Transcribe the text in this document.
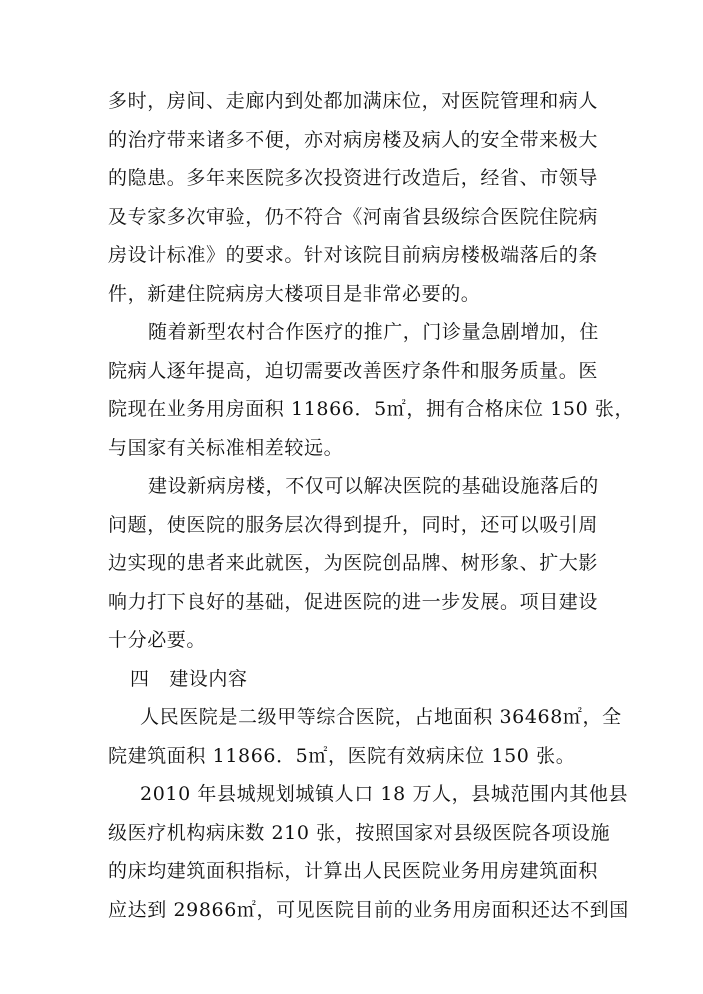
多时，房间、走廊内到处都加满床位，对医院管理和病人
的治疗带来诸多不便，亦对病房楼及病人的安全带来极大
的隐患。多年来医院多次投资进行改造后，经省、市领导
及专家多次审验，仍不符合《河南省县级综合医院住院病
房设计标准》的要求。针对该院目前病房楼极端落后的条
件，新建住院病房大楼项目是非常必要的。
随着新型农村合作医疗的推广，门诊量急剧增加，住
院病人逐年提高，迫切需要改善医疗条件和服务质量。医
院现在业务用房面积 11866．5㎡，拥有合格床位 150 张，
与国家有关标准相差较远。
建设新病房楼，不仅可以解决医院的基础设施落后的
问题，使医院的服务层次得到提升，同时，还可以吸引周
边实现的患者来此就医，为医院创品牌、树形象、扩大影
响力打下良好的基础，促进医院的进一步发展。项目建设
十分必要。
四　建设内容
人民医院是二级甲等综合医院，占地面积 36468㎡，全
院建筑面积 11866．5㎡，医院有效病床位 150 张。
2010 年县城规划城镇人口 18 万人，县城范围内其他县
级医疗机构病床数 210 张，按照国家对县级医院各项设施
的床均建筑面积指标，计算出人民医院业务用房建筑面积
应达到 29866㎡，可见医院目前的业务用房面积还达不到国
